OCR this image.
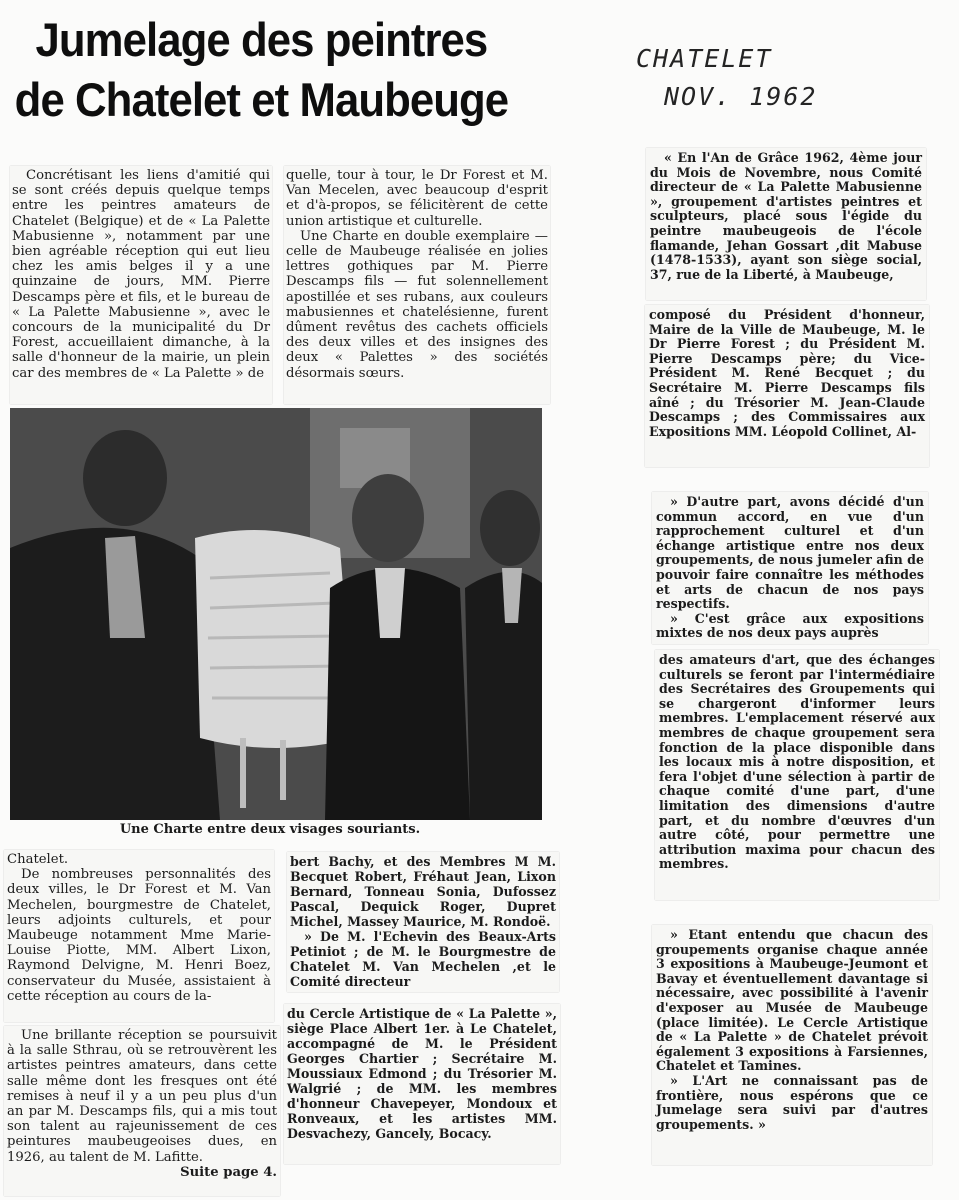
Jumelage des peintres
de Chatelet et Maubeuge
CHATELET
NOV. 1962

Concrétisant les liens d'amitié qui se sont créés depuis quelque temps entre les peintres amateurs de Chatelet (Belgique) et de « La Palette Mabusienne », notamment par une bien agréable réception qui eut lieu chez les amis belges il y a une quinzaine de jours, MM. Pierre Descamps père et fils, et le bureau de « La Palette Mabusienne », avec le concours de la municipalité du Dr Forest, accueillaient dimanche, à la salle d'honneur de la mairie, un plein car des membres de « La Palette » de

quelle, tour à tour, le Dr Forest et M. Van Mecelen, avec beaucoup d'esprit et d'à-propos, se félicitèrent de cette union artistique et culturelle.

Une Charte en double exemplaire — celle de Maubeuge réalisée en jolies lettres gothiques par M. Pierre Descamps fils — fut solennellement apostillée et ses rubans, aux couleurs mabusiennes et chatelésienne, furent dûment revêtus des cachets officiels des deux villes et des insignes des deux « Palettes » des sociétés désormais sœurs.

Une Charte entre deux visages souriants.

Chatelet.

De nombreuses personnalités des deux villes, le Dr Forest et M. Van Mechelen, bourgmestre de Chatelet, leurs adjoints culturels, et pour Maubeuge notamment Mme Marie-Louise Piotte, MM. Albert Lixon, Raymond Delvigne, M. Henri Boez, conservateur du Musée, assistaient à cette réception au cours de la-

Une brillante réception se poursuivit à la salle Sthrau, où se retrouvèrent les artistes peintres amateurs, dans cette salle même dont les fresques ont été remises à neuf il y a un peu plus d'un an par M. Descamps fils, qui a mis tout son talent au rajeunissement de ces peintures maubeugeoises dues, en 1926, au talent de M. Lafitte.

Suite page 4.

bert Bachy, et des Membres M M. Becquet Robert, Fréhaut Jean, Lixon Bernard, Tonneau Sonia, Dufossez Pascal, Dequick Roger, Dupret Michel, Massey Maurice, M. Rondoë.

» De M. l'Echevin des Beaux-Arts Petiniot ; de M. le Bourgmestre de Chatelet M. Van Mechelen ,et le Comité directeur

du Cercle Artistique de « La Palette », siège Place Albert 1er. à Le Chatelet, accompagné de M. le Président Georges Chartier ; Secrétaire M. Moussiaux Edmond ; du Trésorier M. Walgrié ; de MM. les membres d'honneur Chavepeyer, Mondoux et Ronveaux, et les artistes MM. Desvachezy, Gancely, Bocacy.

« En l'An de Grâce 1962, 4ème jour du Mois de Novembre, nous Comité directeur de « La Palette Mabusienne », groupement d'artistes peintres et sculpteurs, placé sous l'égide du peintre maubeugeois de l'école flamande, Jehan Gossart ,dit Mabuse (1478-1533), ayant son siège social, 37, rue de la Liberté, à Maubeuge,

composé du Président d'honneur, Maire de la Ville de Maubeuge, M. le Dr Pierre Forest ; du Président M. Pierre Descamps père; du Vice-Président M. René Becquet ; du Secrétaire M. Pierre Descamps fils aîné ; du Trésorier M. Jean-Claude Descamps ; des Commissaires aux Expositions MM. Léopold Collinet, Al-

» D'autre part, avons décidé d'un commun accord, en vue d'un rapprochement culturel et d'un échange artistique entre nos deux groupements, de nous jumeler afin de pouvoir faire connaître les méthodes et arts de chacun de nos pays respectifs.

» C'est grâce aux expositions mixtes de nos deux pays auprès

des amateurs d'art, que des échanges culturels se feront par l'intermédiaire des Secrétaires des Groupements qui se chargeront d'informer leurs membres. L'emplacement réservé aux membres de chaque groupement sera fonction de la place disponible dans les locaux mis à notre disposition, et fera l'objet d'une sélection à partir de chaque comité d'une part, d'une limitation des dimensions d'autre part, et du nombre d'œuvres d'un autre côté, pour permettre une attribution maxima pour chacun des membres.

» Etant entendu que chacun des groupements organise chaque année 3 expositions à Maubeuge-Jeumont et Bavay et éventuellement davantage si nécessaire, avec possibilité à l'avenir d'exposer au Musée de Maubeuge (place limitée). Le Cercle Artistique de « La Palette » de Chatelet prévoit également 3 expositions à Farsiennes, Chatelet et Tamines.

» L'Art ne connaissant pas de frontière, nous espérons que ce Jumelage sera suivi par d'autres groupements. »
